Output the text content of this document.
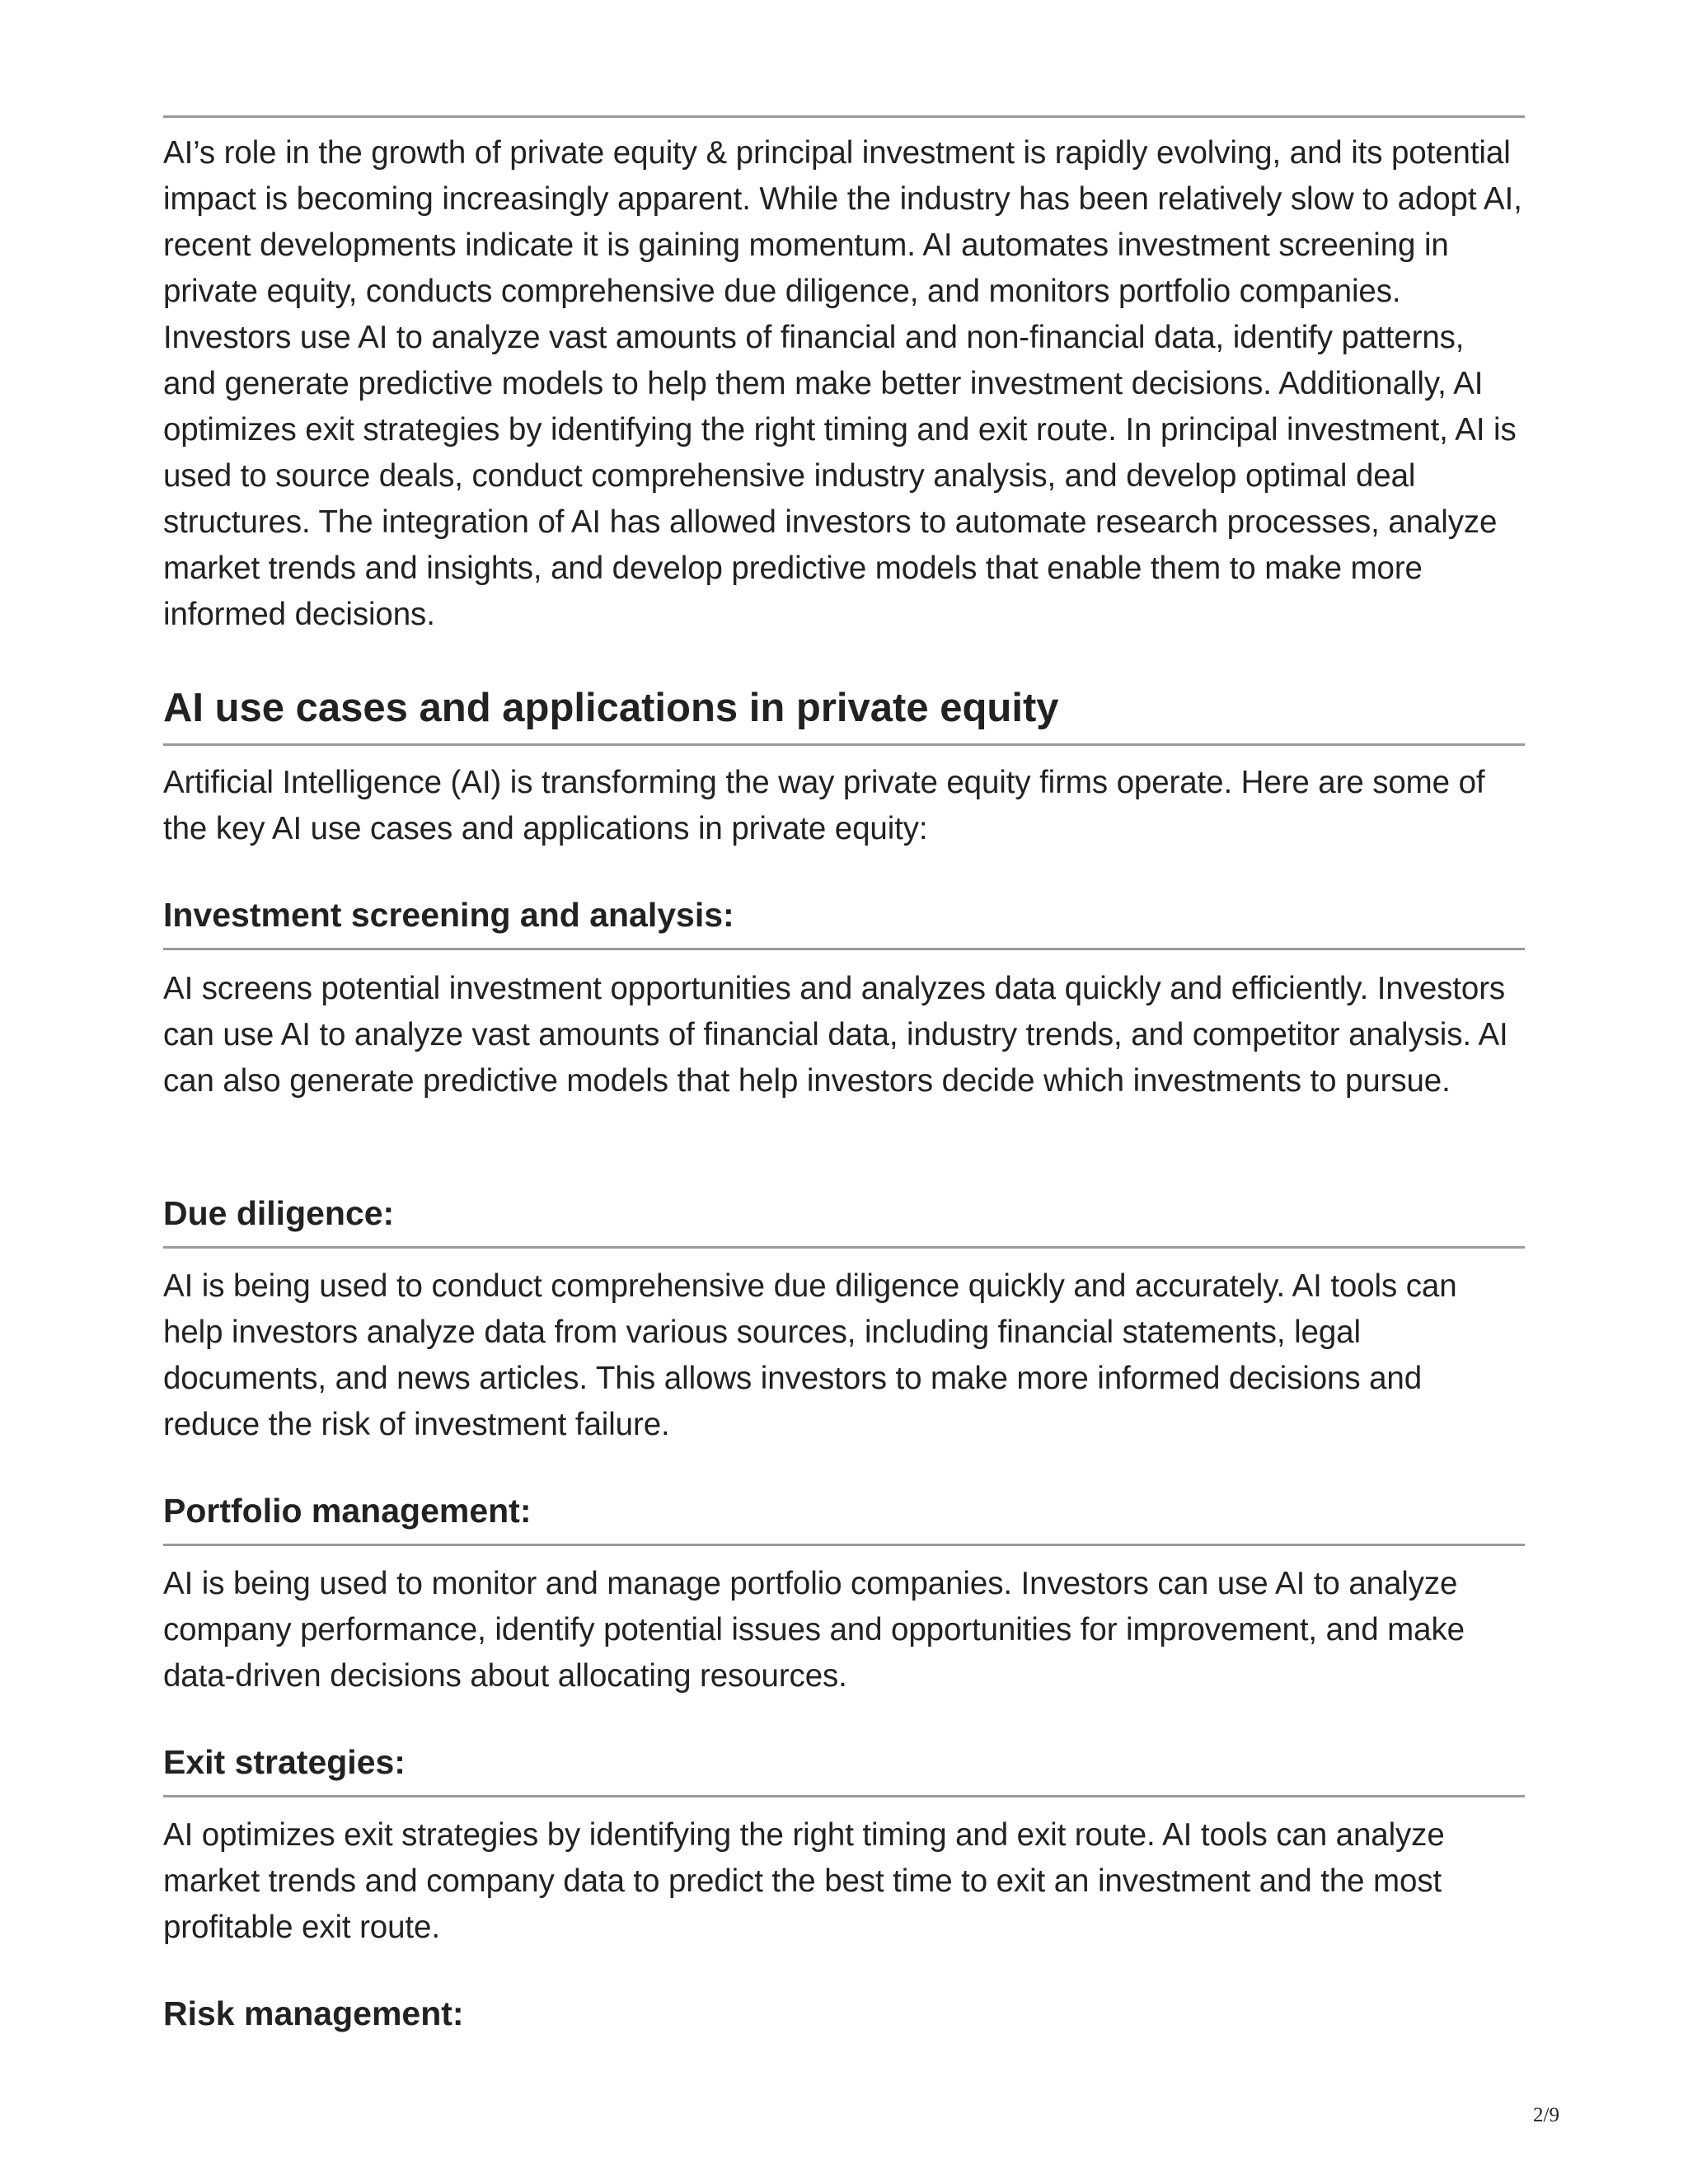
AI’s role in the growth of private equity & principal investment is rapidly evolving, and its potential impact is becoming increasingly apparent. While the industry has been relatively slow to adopt AI, recent developments indicate it is gaining momentum. AI automates investment screening in private equity, conducts comprehensive due diligence, and monitors portfolio companies. Investors use AI to analyze vast amounts of financial and non-financial data, identify patterns, and generate predictive models to help them make better investment decisions. Additionally, AI optimizes exit strategies by identifying the right timing and exit route. In principal investment, AI is used to source deals, conduct comprehensive industry analysis, and develop optimal deal structures. The integration of AI has allowed investors to automate research processes, analyze market trends and insights, and develop predictive models that enable them to make more informed decisions.

AI use cases and applications in private equity

Artificial Intelligence (AI) is transforming the way private equity firms operate. Here are some of the key AI use cases and applications in private equity:

Investment screening and analysis:

AI screens potential investment opportunities and analyzes data quickly and efficiently. Investors can use AI to analyze vast amounts of financial data, industry trends, and competitor analysis. AI can also generate predictive models that help investors decide which investments to pursue.

Due diligence:

AI is being used to conduct comprehensive due diligence quickly and accurately. AI tools can help investors analyze data from various sources, including financial statements, legal documents, and news articles. This allows investors to make more informed decisions and reduce the risk of investment failure.

Portfolio management:

AI is being used to monitor and manage portfolio companies. Investors can use AI to analyze company performance, identify potential issues and opportunities for improvement, and make data-driven decisions about allocating resources.

Exit strategies:

AI optimizes exit strategies by identifying the right timing and exit route. AI tools can analyze market trends and company data to predict the best time to exit an investment and the most profitable exit route.

Risk management:
2/9
